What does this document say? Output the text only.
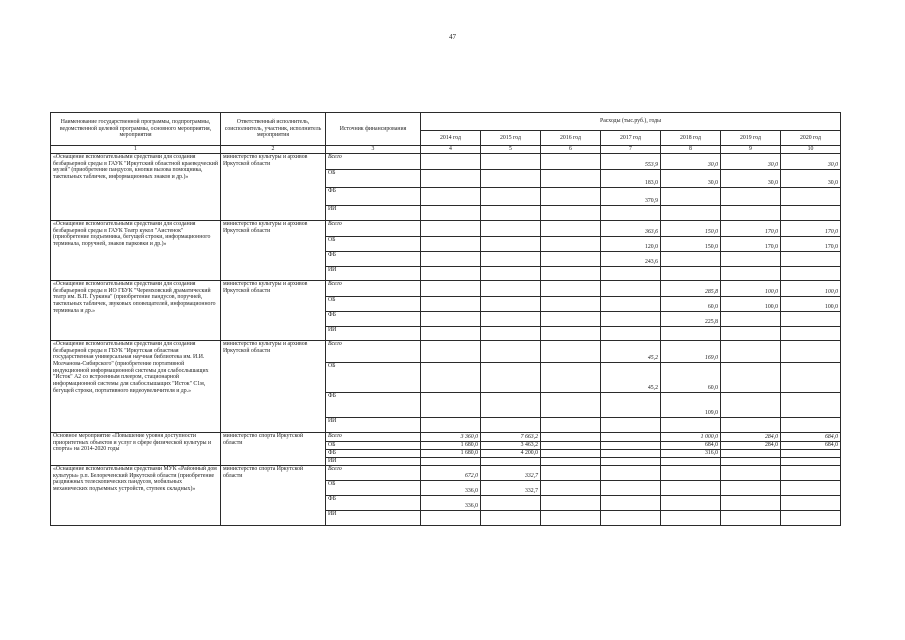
47
Наименование государственной программы, подпрограммы, ведомственной целевой программы, основного мероприятия, мероприятия	Ответственный исполнитель, соисполнитель, участник, исполнитель мероприятия	Источник финансирования	Расходы (тыс.руб.), годы						
			2014 год	2015 год	2016 год	2017 год	2018 год	2019 год	2020 год
1	2	3	4	5	6	7	8	9	10
«Оснащение вспомогательными средствами для создания безбарьерной среды в ГАУК "Иркутский областной краеведческий музей" (приобретение пандусов, кнопки вызова помощника, тактильных табличек, информационных знаков и др.)»	министерство культуры и архивов Иркутской области	Всего				553,9	30,0	30,0	30,0
		ОБ				183,0	30,0	30,0	30,0
		ФБ				370,9			
		ИИ							
«Оснащение вспомогательными средствами для создания безбарьерной среды в ГАУК Театр кукол "Аистенок"(приобретение подъемника, бегущей строки, информационного терминала, поручней, знаков парковки и др.)»	министерство культуры и архивов Иркутской области	Всего				363,6	150,0	170,0	170,0
		ОБ				120,0	150,0	170,0	170,0
		ФБ				243,6			
		ИИ							
«Оснащение вспомогательными средствами для создания безбарьерной среды в ИО ГБУК "Черемховский драматический театр им. В.П. Гуркина" (приобретение пандусов, поручней, тактильных табличек, звуковых оповещателей, информационного терминала и др.»	министерство культуры и архивов Иркутской области	Всего					285,8	100,0	100,0
		ОБ					60,0	100,0	100,0
		ФБ					225,8		
		ИИ							
«Оснащение вспомогательными средствами для создания безбарьерной среды в ГБУК "Иркутская областная государственная универсальная научная библиотека им. И.И. Молчанова-Сибирского" (приобретение портативной индукционной информационной системы для слабослышащих "Исток" А2 со встроенным плеером, стационарной информационной системы для слабослышащих "Исток" С1м, бегущей строки, портативного видеоувеличителя и др.»	министерство культуры и архивов Иркутской области	Всего				45,2	169,0		
		ОБ				45,2	60,0		
		ФБ					109,0		
		ИИ							
Основное мероприятие «Повышение уровня доступности приоритетных объектов и услуг в сфере физической культуры и спорта» на 2014-2020 годы	министерство спорта Иркутской области	Всего	3 360,0	7 663,2			1 000,0	284,0	684,0
		ОБ	1 680,0	3 463,2			684,0	284,0	684,0
		ФБ	1 680,0	4 200,0			316,0		
		ИИ							
«Оснащение вспомогательными средствами МУК «Районный дом культуры» р.п. Белореченский Иркутской области (приобретение раздвижных телескопических пандусов, мобильных механических подъемных устройств, ступеек складных)»	министерство спорта Иркутской области	Всего	672,0	332,7					
		ОБ	336,0	332,7					
		ФБ	336,0						
		ИИ							
